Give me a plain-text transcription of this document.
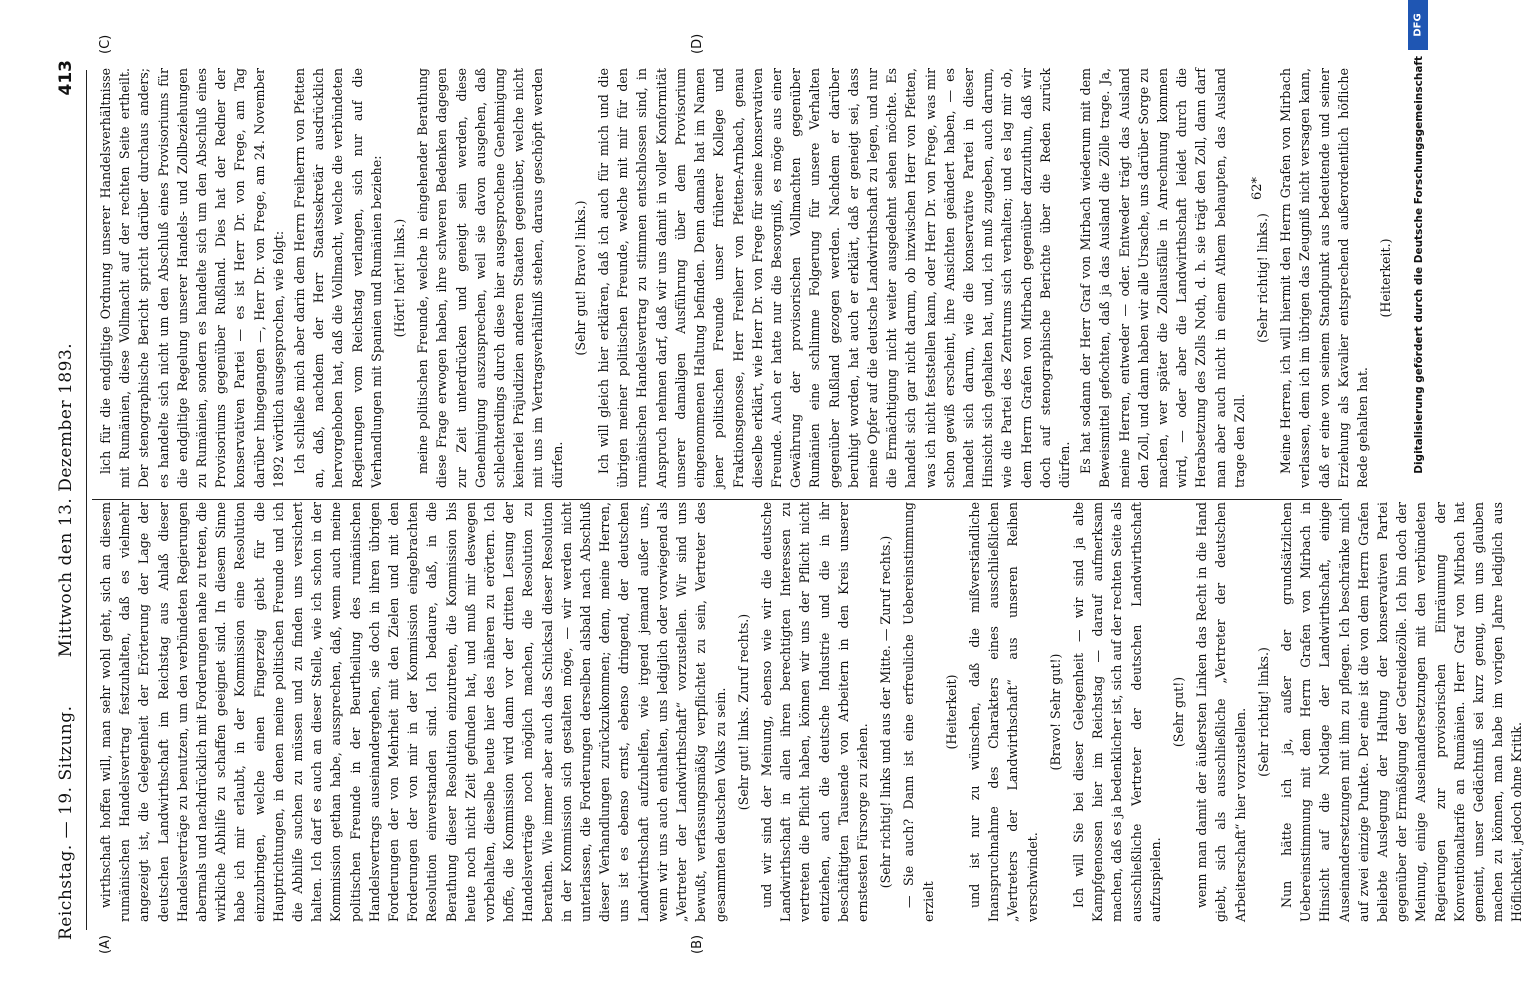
Reichstag. — 19. Sitzung.
Mittwoch den 13. Dezember 1893.
413
(A)	(B)
(C)	(D)

wirthschaft hoffen will, man sehr wohl geht, sich an diesem rumänischen Handelsvertrag festzuhalten, daß es vielmehr angezeigt ist, die Gelegenheit der Erörterung der Lage der deutschen Landwirthschaft im Reichstag aus Anlaß dieser Handelsverträge zu benutzen, um den verbündeten Regierungen abermals und nachdrücklich mit Forderungen nahe zu treten, die wirkliche Abhilfe zu schaffen geeignet sind. In diesem Sinne habe ich mir erlaubt, in der Kommission eine Resolution einzubringen, welche einen Fingerzeig giebt für die Hauptrichtungen, in denen meine politischen Freunde und ich die Abhilfe suchen zu müssen und zu finden uns versichert halten. Ich darf es auch an dieser Stelle, wie ich schon in der Kommission gethan habe, aussprechen, daß, wenn auch meine politischen Freunde in der Beurtheilung des rumänischen Handelsvertrags auseinandergehen, sie doch in ihren übrigen Forderungen der von Mehrheit mit den Zielen und mit den Forderungen der von mir in der Kommission eingebrachten Resolution einverstanden sind. Ich bedaure, daß, in die Berathung dieser Resolution einzutreten, die Kommission bis heute noch nicht Zeit gefunden hat, und muß mir deswegen vorbehalten, dieselbe heute hier des näheren zu erörtern. Ich hoffe, die Kommission wird dann vor der dritten Lesung der Handelsverträge noch möglich machen, die Resolution zu berathen. Wie immer aber auch das Schicksal dieser Resolution in der Kommission sich gestalten möge, — wir werden nicht unterlassen, die Forderungen derselben alsbald nach Abschluß dieser Verhandlungen zurückzukommen; denn, meine Herren, uns ist es ebenso ernst, ebenso dringend, der deutschen Landwirthschaft aufzuhelfen, wie irgend jemand außer uns, wenn wir uns auch enthalten, uns lediglich oder vorwiegend als „Vertreter der Landwirthschaft“ vorzustellen. Wir sind uns bewußt, verfassungsmäßig verpflichtet zu sein, Vertreter des gesammten deutschen Volks zu sein. (Sehr gut! links. Zuruf rechts.) und wir sind der Meinung, ebenso wie wir die deutsche Landwirthschaft in allen ihren berechtigten Interessen zu vertreten die Pflicht haben, können wir uns der Pflicht nicht entziehen, auch die deutsche Industrie und die in ihr beschäftigten Tausende von Arbeitern in den Kreis unserer ernstesten Fürsorge zu ziehen. (Sehr richtig! links und aus der Mitte. — Zuruf rechts.) — Sie auch? Dann ist eine erfreuliche Uebereinstimmung erzielt

(Heiterkeit) und ist nur zu wünschen, daß die mißverständliche Inanspruchnahme des Charakters eines ausschließlichen „Vertreters der Landwirthschaft“ aus unseren Reihen verschwindet.

(Bravo! Sehr gut!) Ich will Sie bei dieser Gelegenheit — wir sind ja alte Kampfgenossen hier im Reichstag — darauf aufmerksam machen, daß es ja bedenklicher ist, sich auf der rechten Seite als ausschließliche Vertreter der deutschen Landwirthschaft aufzuspielen.

(Sehr gut!) wenn man damit der äußersten Linken das Recht in die Hand giebt, sich als ausschließliche „Vertreter der deutschen Arbeiterschaft“ hier vorzustellen. (Sehr richtig! links.) Nun hätte ich ja, außer der grundsätzlichen Uebereinstimmung mit dem Herrn Grafen von Mirbach in Hinsicht auf die Notlage der Landwirthschaft, einige Auseinandersetzungen mit ihm zu pflegen. Ich beschränke mich auf zwei einzige Punkte. Der eine ist die von dem Herrn Grafen beliebte Auslegung der Haltung der konservativen Partei gegenüber der Ermäßigung der Getreidezölle. Ich bin doch der Meinung, einige Auseinandersetzungen mit den verbündeten Regierungen zur provisorischen Einräumung der Konventionaltarife an Rumänien. Herr Graf von Mirbach hat gemeint, unser Gedächtniß sei kurz genug, um uns glauben machen zu können, man habe im vorigen Jahre lediglich aus Höflichkeit, jedoch ohne Kritik.

lich für die endgiltige Ordnung unserer Handelsverhältnisse mit Rumänien, diese Vollmacht auf der rechten Seite ertheilt. Der stenographische Bericht spricht darüber durchaus anders; es handelte sich nicht um den Abschluß eines Provisoriums für die endgiltige Regelung unserer Handels- und Zollbeziehungen zu Rumänien, sondern es handelte sich um den Abschluß eines Provisoriums gegenüber Rußland. Dies hat der Redner der konservativen Partei — es ist Herr Dr. von Frege, am Tag darüber hingegangen —, Herr Dr. von Frege, am 24. November 1892 wörtlich ausgesprochen, wie folgt: Ich schließe mich aber darin dem Herrn Freiherrn von Pfetten an, daß, nachdem der Herr Staatssekretär ausdrücklich hervorgehoben hat, daß die Vollmacht, welche die verbündeten Regierungen vom Reichstag verlangen, sich nur auf die Verhandlungen mit Spanien und Rumänien beziehe: (Hört! hört! links.) meine politischen Freunde, welche in eingehender Berathung diese Frage erwogen haben, ihre schweren Bedenken dagegen zur Zeit unterdrücken und geneigt sein werden, diese Genehmigung auszusprechen, weil sie davon ausgehen, daß schlechterdings durch diese hier ausgesprochene Genehmigung keinerlei Präjudizien anderen Staaten gegenüber, welche nicht mit uns im Vertragsverhältniß stehen, daraus geschöpft werden dürfen.

(Sehr gut! Bravo! links.) Ich will gleich hier erklären, daß ich auch für mich und die übrigen meiner politischen Freunde, welche mit mir für den rumänischen Handelsvertrag zu stimmen entschlossen sind, in Anspruch nehmen darf, daß wir uns damit in voller Konformität unserer damaligen Ausführung über dem Provisorium eingenommenen Haltung befinden. Denn damals hat im Namen jener politischen Freunde unser früherer Kollege und Fraktionsgenosse, Herr Freiherr von Pfetten-Arnbach, genau dieselbe erklärt, wie Herr Dr. von Frege für seine konservativen Freunde. Auch er hatte nur die Besorgniß, es möge aus einer Gewährung der provisorischen Vollmachten gegenüber Rumänien eine schlimme Folgerung für unsere Verhalten gegenüber Rußland gezogen werden. Nachdem er darüber beruhigt worden, hat auch er erklärt, daß er geneigt sei, dass meine Opfer auf die deutsche Landwirthschaft zu legen, und nur die Ermächtigung nicht weiter ausgedehnt sehen möchte. Es handelt sich gar nicht darum, ob inzwischen Herr von Pfetten, was ich nicht feststellen kann, oder Herr Dr. von Frege, was mir schon gewiß erscheint, ihre Ansichten geändert haben, — es handelt sich darum, wie die konservative Partei in dieser Hinsicht sich gehalten hat, und, ich muß zugeben, auch darum, wie die Partei des Zentrums sich verhalten; und es lag mir ob, dem Herrn Grafen von Mirbach gegenüber darzuthun, daß wir doch auf stenographische Berichte über die Reden zurück dürfen. Es hat sodann der Herr Graf von Mirbach wiederum mit dem Beweismittel gefochten, daß ja das Ausland die Zölle trage. Ja, meine Herren, entweder — oder. Entweder trägt das Ausland den Zoll, und dann haben wir alle Ursache, uns darüber Sorge zu machen, wer später die Zollausfälle in Anrechnung kommen wird, — oder aber die Landwirthschaft leidet durch die Herabsetzung des Zolls Noth, d. h. sie trägt den Zoll, dann darf man aber auch nicht in einem Athem behaupten, das Ausland trage den Zoll.

(Sehr richtig! links.) Meine Herren, ich will hiermit den Herrn Grafen von Mirbach verlassen, dem ich im übrigen das Zeugniß nicht versagen kann, daß er eine von seinem Standpunkt aus bedeutende und seiner Erziehung als Kavalier entsprechend außerordentlich höfliche Rede gehalten hat.

(Heiterkeit.)

62*
DFG
Digitalisierung gefördert durch die Deutsche Forschungsgemeinschaft
